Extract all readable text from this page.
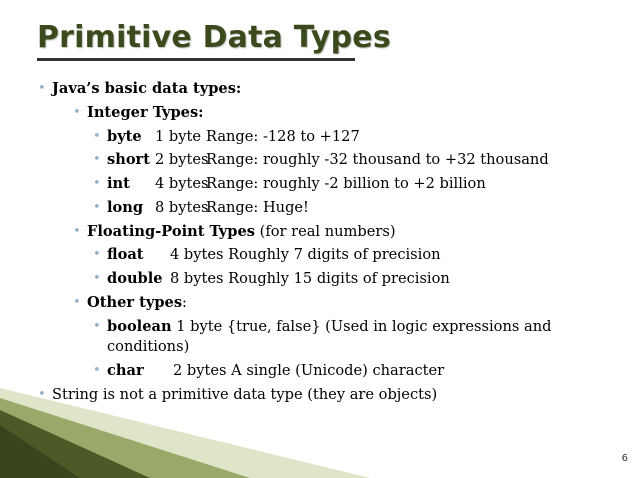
Primitive Data Types
• Java’s basic data types:
• Integer Types:
• byte 1 byte Range: -128 to +127
• short 2 bytes
Range: roughly -32 thousand to +32 thousand
• int 4 bytes
Range: roughly -2 billion to +2 billion
• long 8 bytes
Range: Huge!
• Floating-Point Types (for real numbers)
• float 4 bytes Roughly 7 digits of precision
• double 8 bytes Roughly 15 digits of precision
• Other types:
• boolean 1 byte {true, false} (Used in logic expressions and
conditions)
• char 2 bytes A single (Unicode) character
• String is not a primitive data type (they are objects)
6
